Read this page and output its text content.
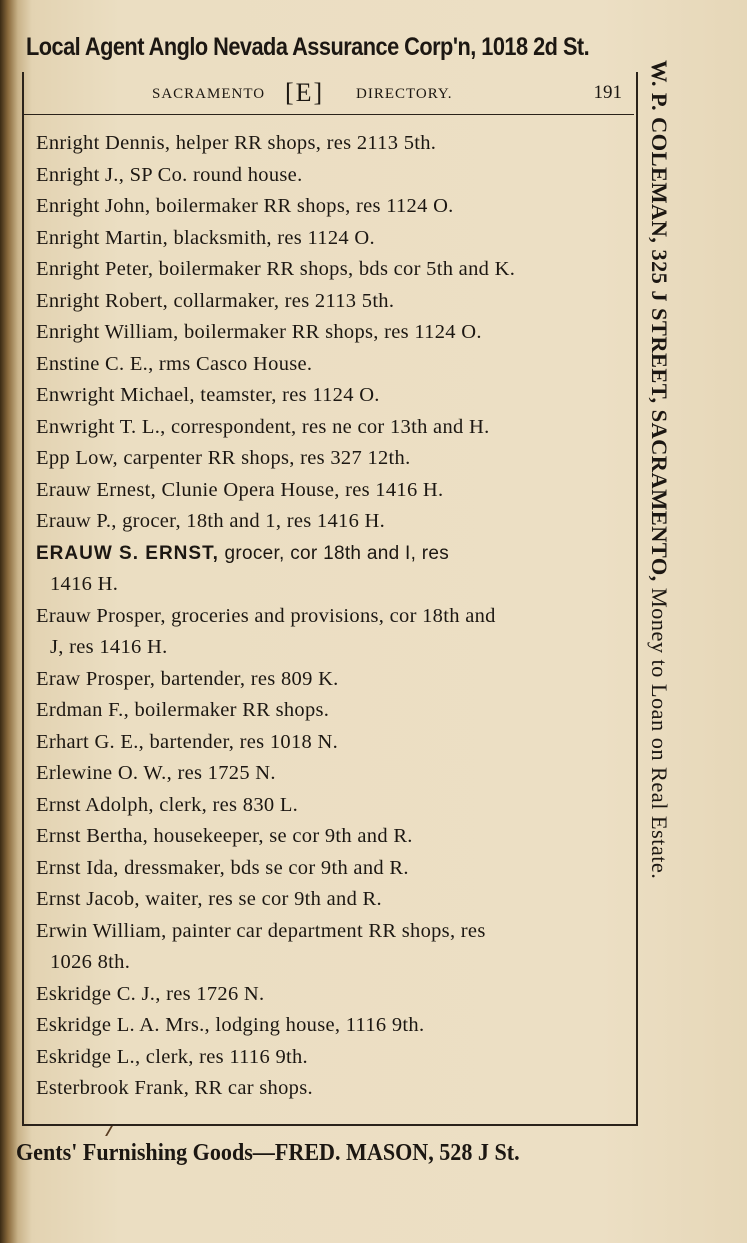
Local Agent Anglo Nevada Assurance Corp'n, 1018 2d St.
SACRAMENTO [E] DIRECTORY.	191
Enright Dennis, helper RR shops, res 2113 5th.
Enright J., SP Co. round house.
Enright John, boilermaker RR shops, res 1124 O.
Enright Martin, blacksmith, res 1124 O.
Enright Peter, boilermaker RR shops, bds cor 5th and K.
Enright Robert, collarmaker, res 2113 5th.
Enright William, boilermaker RR shops, res 1124 O.
Enstine C. E., rms Casco House.
Enwright Michael, teamster, res 1124 O.
Enwright T. L., correspondent, res ne cor 13th and H.
Epp Low, carpenter RR shops, res 327 12th.
Erauw Ernest, Clunie Opera House, res 1416 H.
Erauw P., grocer, 18th and 1, res 1416 H.
ERAUW S. ERNST, grocer, cor 18th and I, res
1416 H.
Erauw Prosper, groceries and provisions, cor 18th and
J, res 1416 H.
Eraw Prosper, bartender, res 809 K.
Erdman F., boilermaker RR shops.
Erhart G. E., bartender, res 1018 N.
Erlewine O. W., res 1725 N.
Ernst Adolph, clerk, res 830 L.
Ernst Bertha, housekeeper, se cor 9th and R.
Ernst Ida, dressmaker, bds se cor 9th and R.
Ernst Jacob, waiter, res se cor 9th and R.
Erwin William, painter car department RR shops, res
1026 8th.
Eskridge C. J., res 1726 N.
Eskridge L. A. Mrs., lodging house, 1116 9th.
Eskridge L., clerk, res 1116 9th.
Esterbrook Frank, RR car shops.
W. P. COLEMAN, 325 J STREET, SACRAMENTO, Money to Loan on Real Estate.
Gents' Furnishing Goods—FRED. MASON, 528 J St.
